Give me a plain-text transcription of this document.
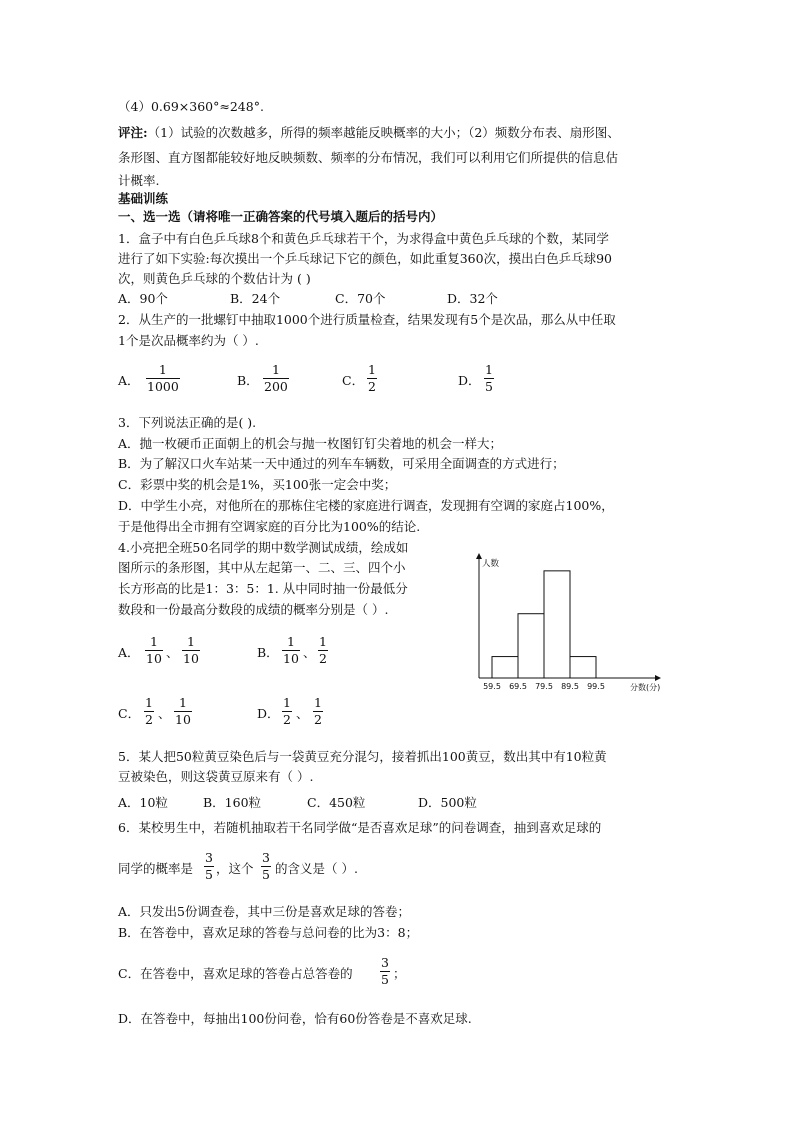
（4）0.69×360°≈248°.
评注:（1）试验的次数越多，所得的频率越能反映概率的大小；（2）频数分布表、扇形图、
条形图、直方图都能较好地反映频数、频率的分布情况，我们可以利用它们所提供的信息估
计概率.
基础训练
一、选一选（请将唯一正确答案的代号填入题后的括号内）
1．盒子中有白色乒乓球8个和黄色乒乓球若干个，为求得盒中黄色乒乓球的个数，某同学
进行了如下实验:每次摸出一个乒乓球记下它的颜色，如此重复360次，摸出白色乒乓球90
次，则黄色乒乓球的个数估计为 ( )
A．90个	B．24个	C．70个	D．32个
2．从生产的一批螺钉中抽取1000个进行质量检查，结果发现有5个是次品，那么从中任取
1个是次品概率约为（ ）.
A． $\frac{1}{1000}$	B． $\frac{1}{200}$	C． $\frac{1}{2}$	D． $\frac{1}{5}$
3．下列说法正确的是( ).
A．抛一枚硬币正面朝上的机会与抛一枚图钉钉尖着地的机会一样大；
B．为了解汉口火车站某一天中通过的列车车辆数，可采用全面调查的方式进行；
C．彩票中奖的机会是1%，买100张一定会中奖；
D．中学生小亮，对他所在的那栋住宅楼的家庭进行调查，发现拥有空调的家庭占100%，
于是他得出全市拥有空调家庭的百分比为100%的结论.
4.小亮把全班50名同学的期中数学测试成绩，绘成如
图所示的条形图，其中从左起第一、二、三、四个小
长方形高的比是1：3：5：1. 从中同时抽一份最低分
数段和一份最高分数段的成绩的概率分别是（ ）.
A． $\frac{1}{10}$ 、 $\frac{1}{10}$	B． $\frac{1}{10}$ 、 $\frac{1}{2}$
C． $\frac{1}{2}$ 、 $\frac{1}{10}$	D． $\frac{1}{2}$ 、 $\frac{1}{2}$
人数
分数(分)
59.5 69.5 79.5 89.5 99.5
5．某人把50粒黄豆染色后与一袋黄豆充分混匀，接着抓出100黄豆，数出其中有10粒黄
豆被染色，则这袋黄豆原来有（ ）.
A．10粒	B．160粒	C．450粒	D．500粒
6．某校男生中，若随机抽取若干名同学做“是否喜欢足球”的问卷调查，抽到喜欢足球的
同学的概率是 $\frac{3}{5}$ ，这个 $\frac{3}{5}$ 的含义是（ ）.
A．只发出5份调查卷，其中三份是喜欢足球的答卷；
B．在答卷中，喜欢足球的答卷与总问卷的比为3：8；
C．在答卷中，喜欢足球的答卷占总答卷的 $\frac{3}{5}$ ；
D．在答卷中，每抽出100份问卷，恰有60份答卷是不喜欢足球.
